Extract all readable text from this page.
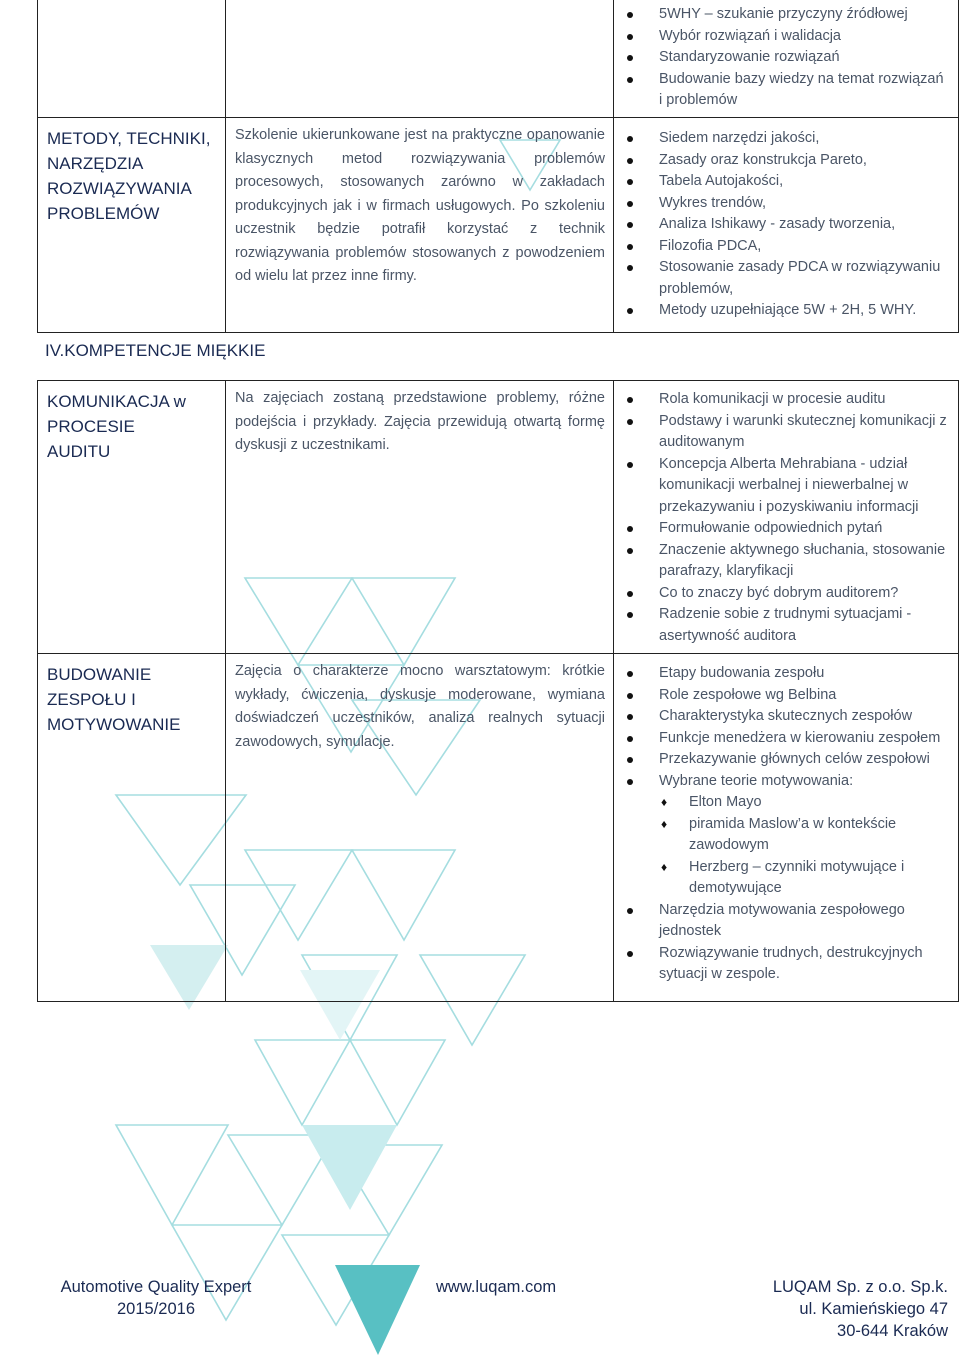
5WHY – szukanie przyczyny źródłowej
Wybór rozwiązań i walidacja
Standaryzowanie rozwiązań
Budowanie bazy wiedzy na temat rozwiązań i problemów
METODY, TECHNIKI, NARZĘDZIA ROZWIĄZYWANIA PROBLEMÓW
Szkolenie ukierunkowane jest na praktyczne opanowanie klasycznych metod rozwiązywania problemów procesowych, stosowanych zarówno w zakładach produkcyjnych jak i w firmach usługowych. Po szkoleniu uczestnik będzie potrafił korzystać z technik rozwiązywania problemów stosowanych z powodzeniem od wielu lat przez inne firmy.
Siedem narzędzi jakości,
Zasady oraz konstrukcja Pareto,
Tabela Autojakości,
Wykres trendów,
Analiza Ishikawy - zasady tworzenia,
Filozofia PDCA,
Stosowanie zasady PDCA w rozwiązywaniu problemów,
Metody uzupełniające 5W + 2H, 5 WHY.
IV.KOMPETENCJE MIĘKKIE
KOMUNIKACJA w PROCESIE AUDITU
Na zajęciach zostaną przedstawione problemy, różne podejścia i przykłady. Zajęcia przewidują otwartą formę dyskusji z uczestnikami.
Rola komunikacji w procesie auditu
Podstawy i warunki skutecznej komunikacji z auditowanym
Koncepcja Alberta Mehrabiana - udział komunikacji werbalnej i niewerbalnej w przekazywaniu i pozyskiwaniu informacji
Formułowanie odpowiednich pytań
Znaczenie aktywnego słuchania, stosowanie parafrazy, klaryfikacji
Co to znaczy być dobrym auditorem?
Radzenie sobie z trudnymi sytuacjami - asertywność auditora
BUDOWANIE ZESPOŁU I MOTYWOWANIE
Zajęcia o charakterze mocno warsztatowym: krótkie wykłady, ćwiczenia, dyskusje moderowane, wymiana doświadczeń uczestników, analiza realnych sytuacji zawodowych, symulacje.
Etapy budowania zespołu
Role zespołowe wg Belbina
Charakterystyka skutecznych zespołów
Funkcje menedżera w kierowaniu zespołem
Przekazywanie głównych celów zespołowi
Wybrane teorie motywowania:
♦ Elton Mayo
♦ piramida Maslow’a w kontekście zawodowym
♦ Herzberg – czynniki motywujące i demotywujące
Narzędzia motywowania zespołowego jednostek
Rozwiązywanie trudnych, destrukcyjnych sytuacji w zespole.
Automotive Quality Expert
2015/2016
www.luqam.com	LUQAM Sp. z o.o. Sp.k.
ul. Kamieńskiego 47
30-644 Kraków
